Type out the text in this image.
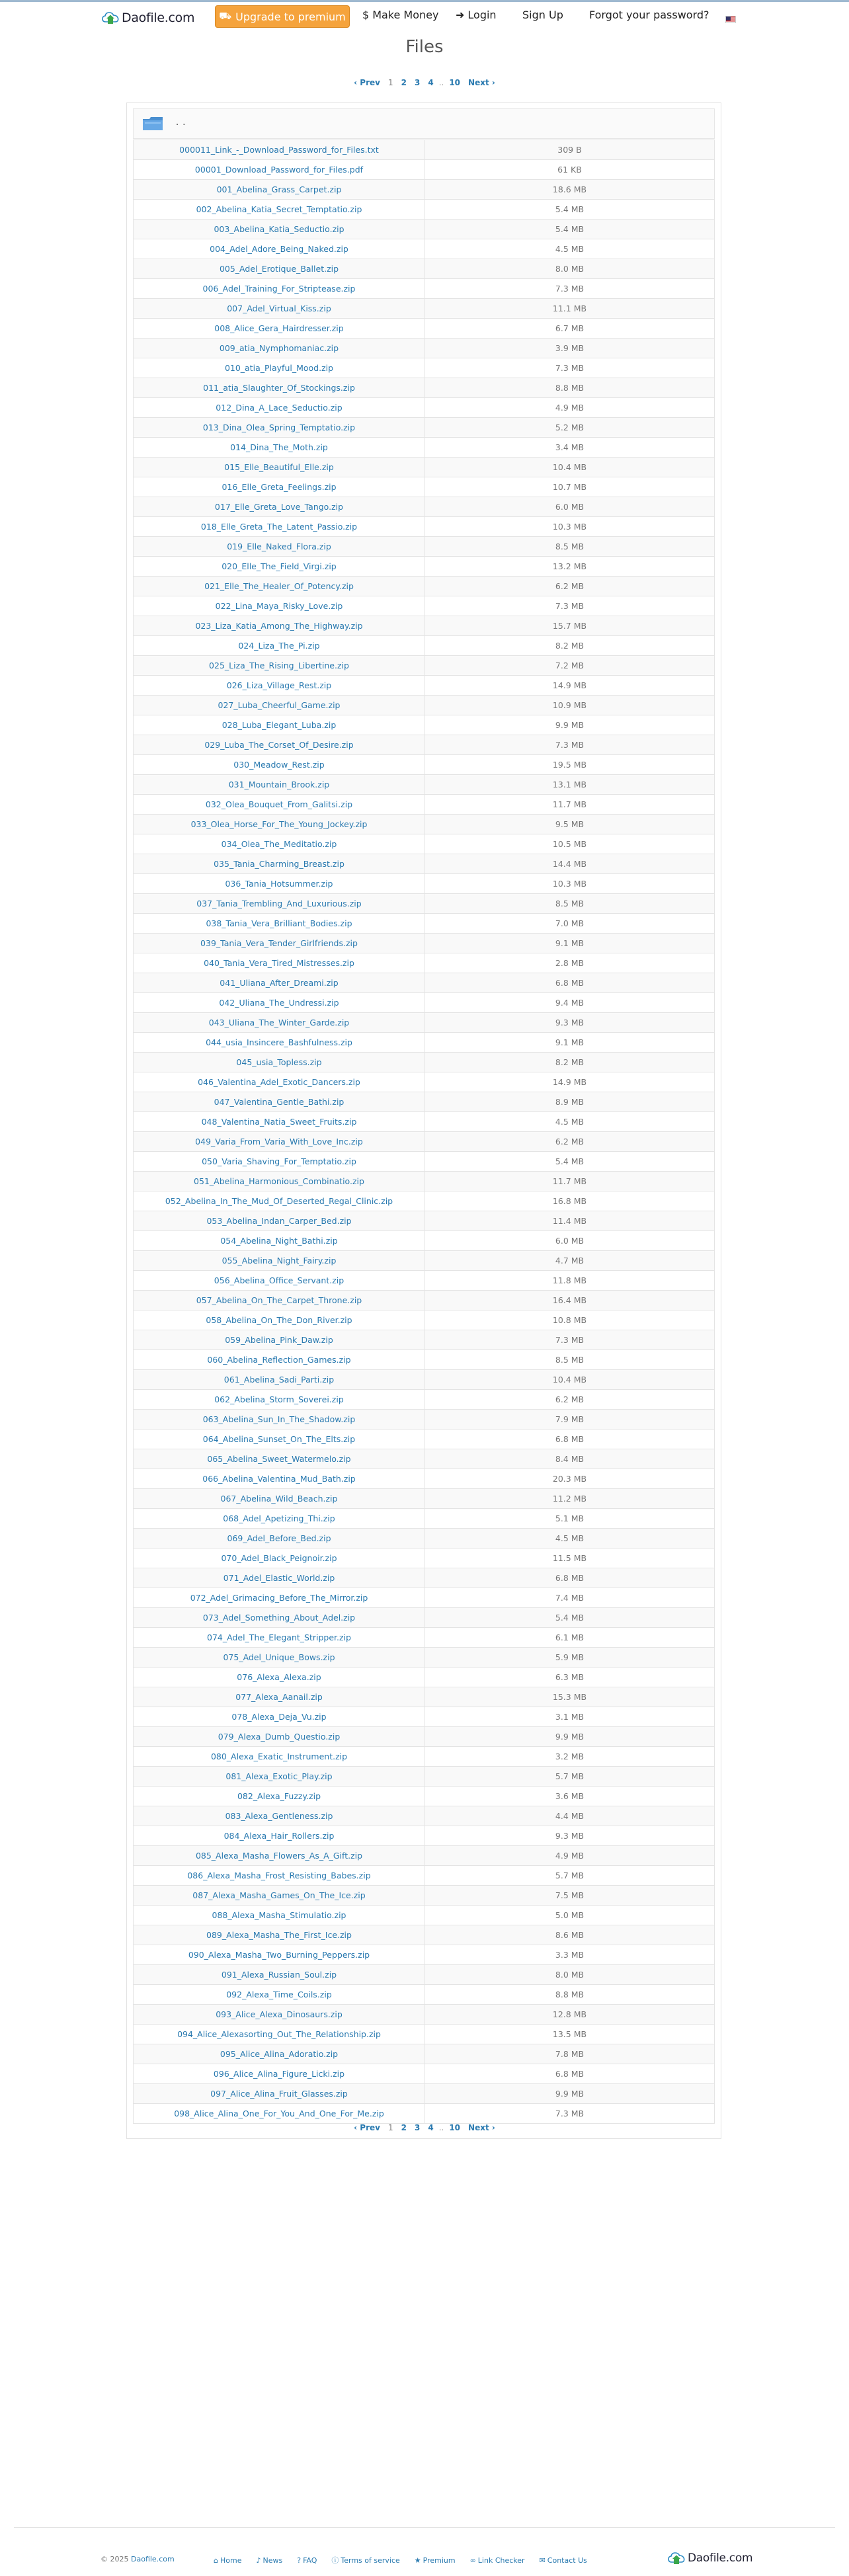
Daofile.com ⛟ Upgrade to premium $ Make Money ➜ Login Sign Up Forgot your password?
Files
‹ Prev	1	2	3	4 .. 10	Next ›
. .
000011_Link_-_Download_Password_for_Files.txt	309 B
00001_Download_Password_for_Files.pdf	61 KB
001_Abelina_Grass_Carpet.zip	18.6 MB
002_Abelina_Katia_Secret_Temptatio.zip	5.4 MB
003_Abelina_Katia_Seductio.zip	5.4 MB
004_Adel_Adore_Being_Naked.zip	4.5 MB
005_Adel_Erotique_Ballet.zip	8.0 MB
006_Adel_Training_For_Striptease.zip	7.3 MB
007_Adel_Virtual_Kiss.zip	11.1 MB
008_Alice_Gera_Hairdresser.zip	6.7 MB
009_atia_Nymphomaniac.zip	3.9 MB
010_atia_Playful_Mood.zip	7.3 MB
011_atia_Slaughter_Of_Stockings.zip	8.8 MB
012_Dina_A_Lace_Seductio.zip	4.9 MB
013_Dina_Olea_Spring_Temptatio.zip	5.2 MB
014_Dina_The_Moth.zip	3.4 MB
015_Elle_Beautiful_Elle.zip	10.4 MB
016_Elle_Greta_Feelings.zip	10.7 MB
017_Elle_Greta_Love_Tango.zip	6.0 MB
018_Elle_Greta_The_Latent_Passio.zip	10.3 MB
019_Elle_Naked_Flora.zip	8.5 MB
020_Elle_The_Field_Virgi.zip	13.2 MB
021_Elle_The_Healer_Of_Potency.zip	6.2 MB
022_Lina_Maya_Risky_Love.zip	7.3 MB
023_Liza_Katia_Among_The_Highway.zip	15.7 MB
024_Liza_The_Pi.zip	8.2 MB
025_Liza_The_Rising_Libertine.zip	7.2 MB
026_Liza_Village_Rest.zip	14.9 MB
027_Luba_Cheerful_Game.zip	10.9 MB
028_Luba_Elegant_Luba.zip	9.9 MB
029_Luba_The_Corset_Of_Desire.zip	7.3 MB
030_Meadow_Rest.zip	19.5 MB
031_Mountain_Brook.zip	13.1 MB
032_Olea_Bouquet_From_Galitsi.zip	11.7 MB
033_Olea_Horse_For_The_Young_Jockey.zip	9.5 MB
034_Olea_The_Meditatio.zip	10.5 MB
035_Tania_Charming_Breast.zip	14.4 MB
036_Tania_Hotsummer.zip	10.3 MB
037_Tania_Trembling_And_Luxurious.zip	8.5 MB
038_Tania_Vera_Brilliant_Bodies.zip	7.0 MB
039_Tania_Vera_Tender_Girlfriends.zip	9.1 MB
040_Tania_Vera_Tired_Mistresses.zip	2.8 MB
041_Uliana_After_Dreami.zip	6.8 MB
042_Uliana_The_Undressi.zip	9.4 MB
043_Uliana_The_Winter_Garde.zip	9.3 MB
044_usia_Insincere_Bashfulness.zip	9.1 MB
045_usia_Topless.zip	8.2 MB
046_Valentina_Adel_Exotic_Dancers.zip	14.9 MB
047_Valentina_Gentle_Bathi.zip	8.9 MB
048_Valentina_Natia_Sweet_Fruits.zip	4.5 MB
049_Varia_From_Varia_With_Love_Inc.zip	6.2 MB
050_Varia_Shaving_For_Temptatio.zip	5.4 MB
051_Abelina_Harmonious_Combinatio.zip	11.7 MB
052_Abelina_In_The_Mud_Of_Deserted_Regal_Clinic.zip	16.8 MB
053_Abelina_Indan_Carper_Bed.zip	11.4 MB
054_Abelina_Night_Bathi.zip	6.0 MB
055_Abelina_Night_Fairy.zip	4.7 MB
056_Abelina_Office_Servant.zip	11.8 MB
057_Abelina_On_The_Carpet_Throne.zip	16.4 MB
058_Abelina_On_The_Don_River.zip	10.8 MB
059_Abelina_Pink_Daw.zip	7.3 MB
060_Abelina_Reflection_Games.zip	8.5 MB
061_Abelina_Sadi_Parti.zip	10.4 MB
062_Abelina_Storm_Soverei.zip	6.2 MB
063_Abelina_Sun_In_The_Shadow.zip	7.9 MB
064_Abelina_Sunset_On_The_Elts.zip	6.8 MB
065_Abelina_Sweet_Watermelo.zip	8.4 MB
066_Abelina_Valentina_Mud_Bath.zip	20.3 MB
067_Abelina_Wild_Beach.zip	11.2 MB
068_Adel_Apetizing_Thi.zip	5.1 MB
069_Adel_Before_Bed.zip	4.5 MB
070_Adel_Black_Peignoir.zip	11.5 MB
071_Adel_Elastic_World.zip	6.8 MB
072_Adel_Grimacing_Before_The_Mirror.zip	7.4 MB
073_Adel_Something_About_Adel.zip	5.4 MB
074_Adel_The_Elegant_Stripper.zip	6.1 MB
075_Adel_Unique_Bows.zip	5.9 MB
076_Alexa_Alexa.zip	6.3 MB
077_Alexa_Aanail.zip	15.3 MB
078_Alexa_Deja_Vu.zip	3.1 MB
079_Alexa_Dumb_Questio.zip	9.9 MB
080_Alexa_Exatic_Instrument.zip	3.2 MB
081_Alexa_Exotic_Play.zip	5.7 MB
082_Alexa_Fuzzy.zip	3.6 MB
083_Alexa_Gentleness.zip	4.4 MB
084_Alexa_Hair_Rollers.zip	9.3 MB
085_Alexa_Masha_Flowers_As_A_Gift.zip	4.9 MB
086_Alexa_Masha_Frost_Resisting_Babes.zip	5.7 MB
087_Alexa_Masha_Games_On_The_Ice.zip	7.5 MB
088_Alexa_Masha_Stimulatio.zip	5.0 MB
089_Alexa_Masha_The_First_Ice.zip	8.6 MB
090_Alexa_Masha_Two_Burning_Peppers.zip	3.3 MB
091_Alexa_Russian_Soul.zip	8.0 MB
092_Alexa_Time_Coils.zip	8.8 MB
093_Alice_Alexa_Dinosaurs.zip	12.8 MB
094_Alice_Alexasorting_Out_The_Relationship.zip	13.5 MB
095_Alice_Alina_Adoratio.zip	7.8 MB
096_Alice_Alina_Figure_Licki.zip	6.8 MB
097_Alice_Alina_Fruit_Glasses.zip	9.9 MB
098_Alice_Alina_One_For_You_And_One_For_Me.zip	7.3 MB
‹ Prev	1	2	3	4 .. 10	Next ›
© 2025 Daofile.com	⌂ Home ♪ News ? FAQ ⓘ Terms of service ★ Premium ∞ Link Checker ✉ Contact Us	Daofile.com
